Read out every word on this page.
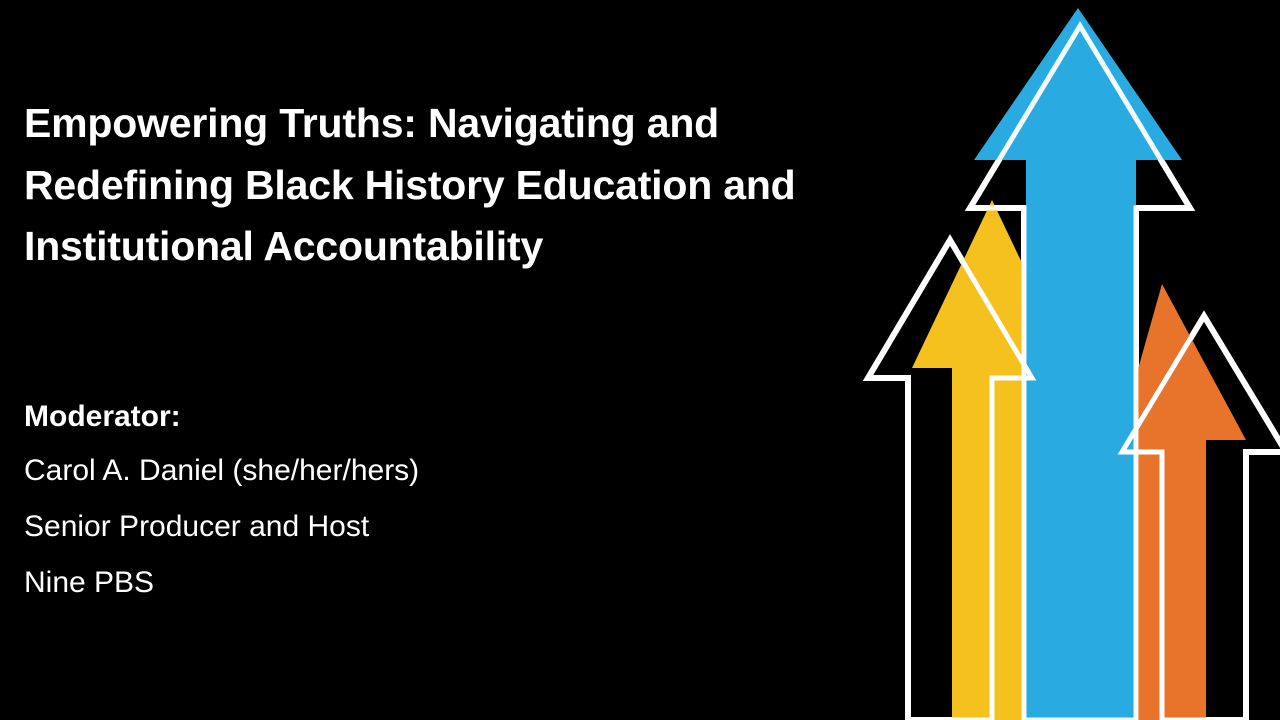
Empowering Truths: Navigating and Redefining Black History Education and Institutional Accountability
Moderator:
Carol A. Daniel (she/her/hers)
Senior Producer and Host
Nine PBS
